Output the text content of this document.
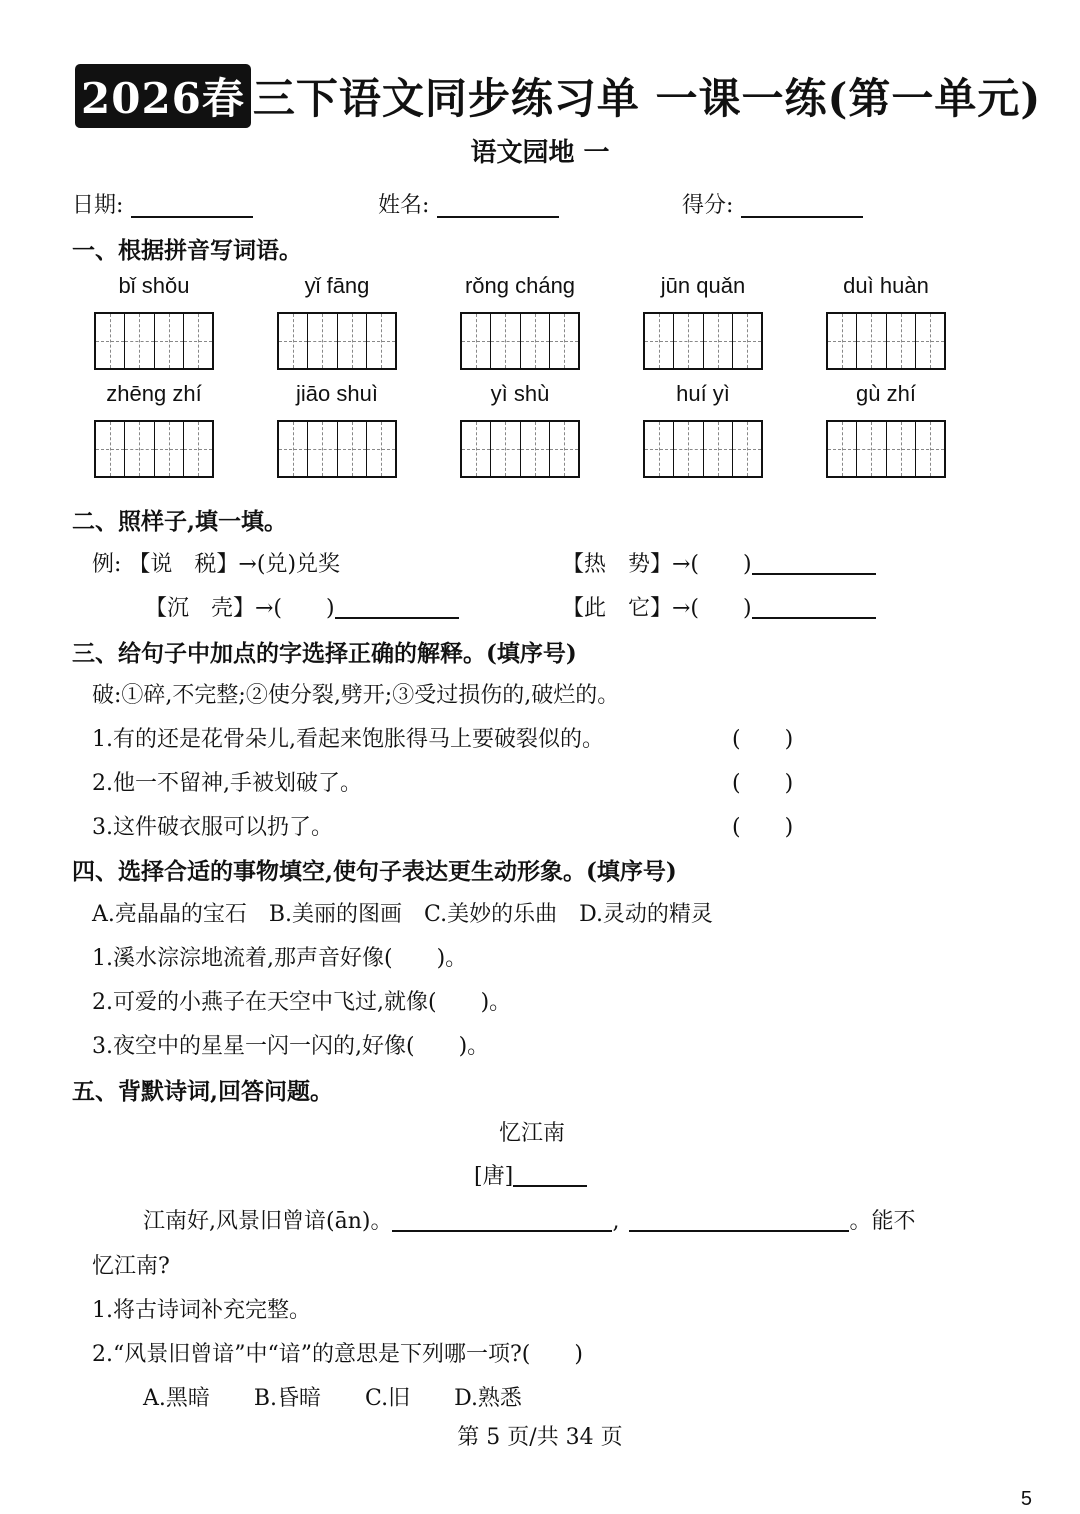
2026春 三下语文同步练习单 一课一练(第一单元)
语文园地 一
日期:	姓名:	得分:
一、根据拼音写词语。
bǐ shǒu	yǐ fāng	rǒng cháng	jūn quǎn	duì huàn
zhēng zhí	jiāo shuì	yì shù	huí yì	gù zhí
二、照样子,填一填。
例: 【说　税】→(兑)兑奖	【热　势】→(　　)
【沉　壳】→(　　)	【此　它】→(　　)
三、给句子中加点的字选择正确的解释。(填序号)
破:①碎,不完整;②使分裂,劈开;③受过损伤的,破烂的。
1.有的还是花骨朵儿,看起来饱胀得马上要破裂似的。	(　　)
2.他一不留神,手被划破了。	(　　)
3.这件破衣服可以扔了。	(　　)
四、选择合适的事物填空,使句子表达更生动形象。(填序号)
A.亮晶晶的宝石　B.美丽的图画　C.美妙的乐曲　D.灵动的精灵
1.溪水淙淙地流着,那声音好像(　　)。
2.可爱的小燕子在天空中飞过,就像(　　)。
3.夜空中的星星一闪一闪的,好像(　　)。
五、背默诗词,回答问题。
忆江南
[唐]
江南好,风景旧曾谙(ān)。	,	。能不
忆江南?
1.将古诗词补充完整。
2.“风景旧曾谙”中“谙”的意思是下列哪一项?(　　)
A.黑暗　　B.昏暗　　C.旧　　D.熟悉
第 5 页/共 34 页
5
